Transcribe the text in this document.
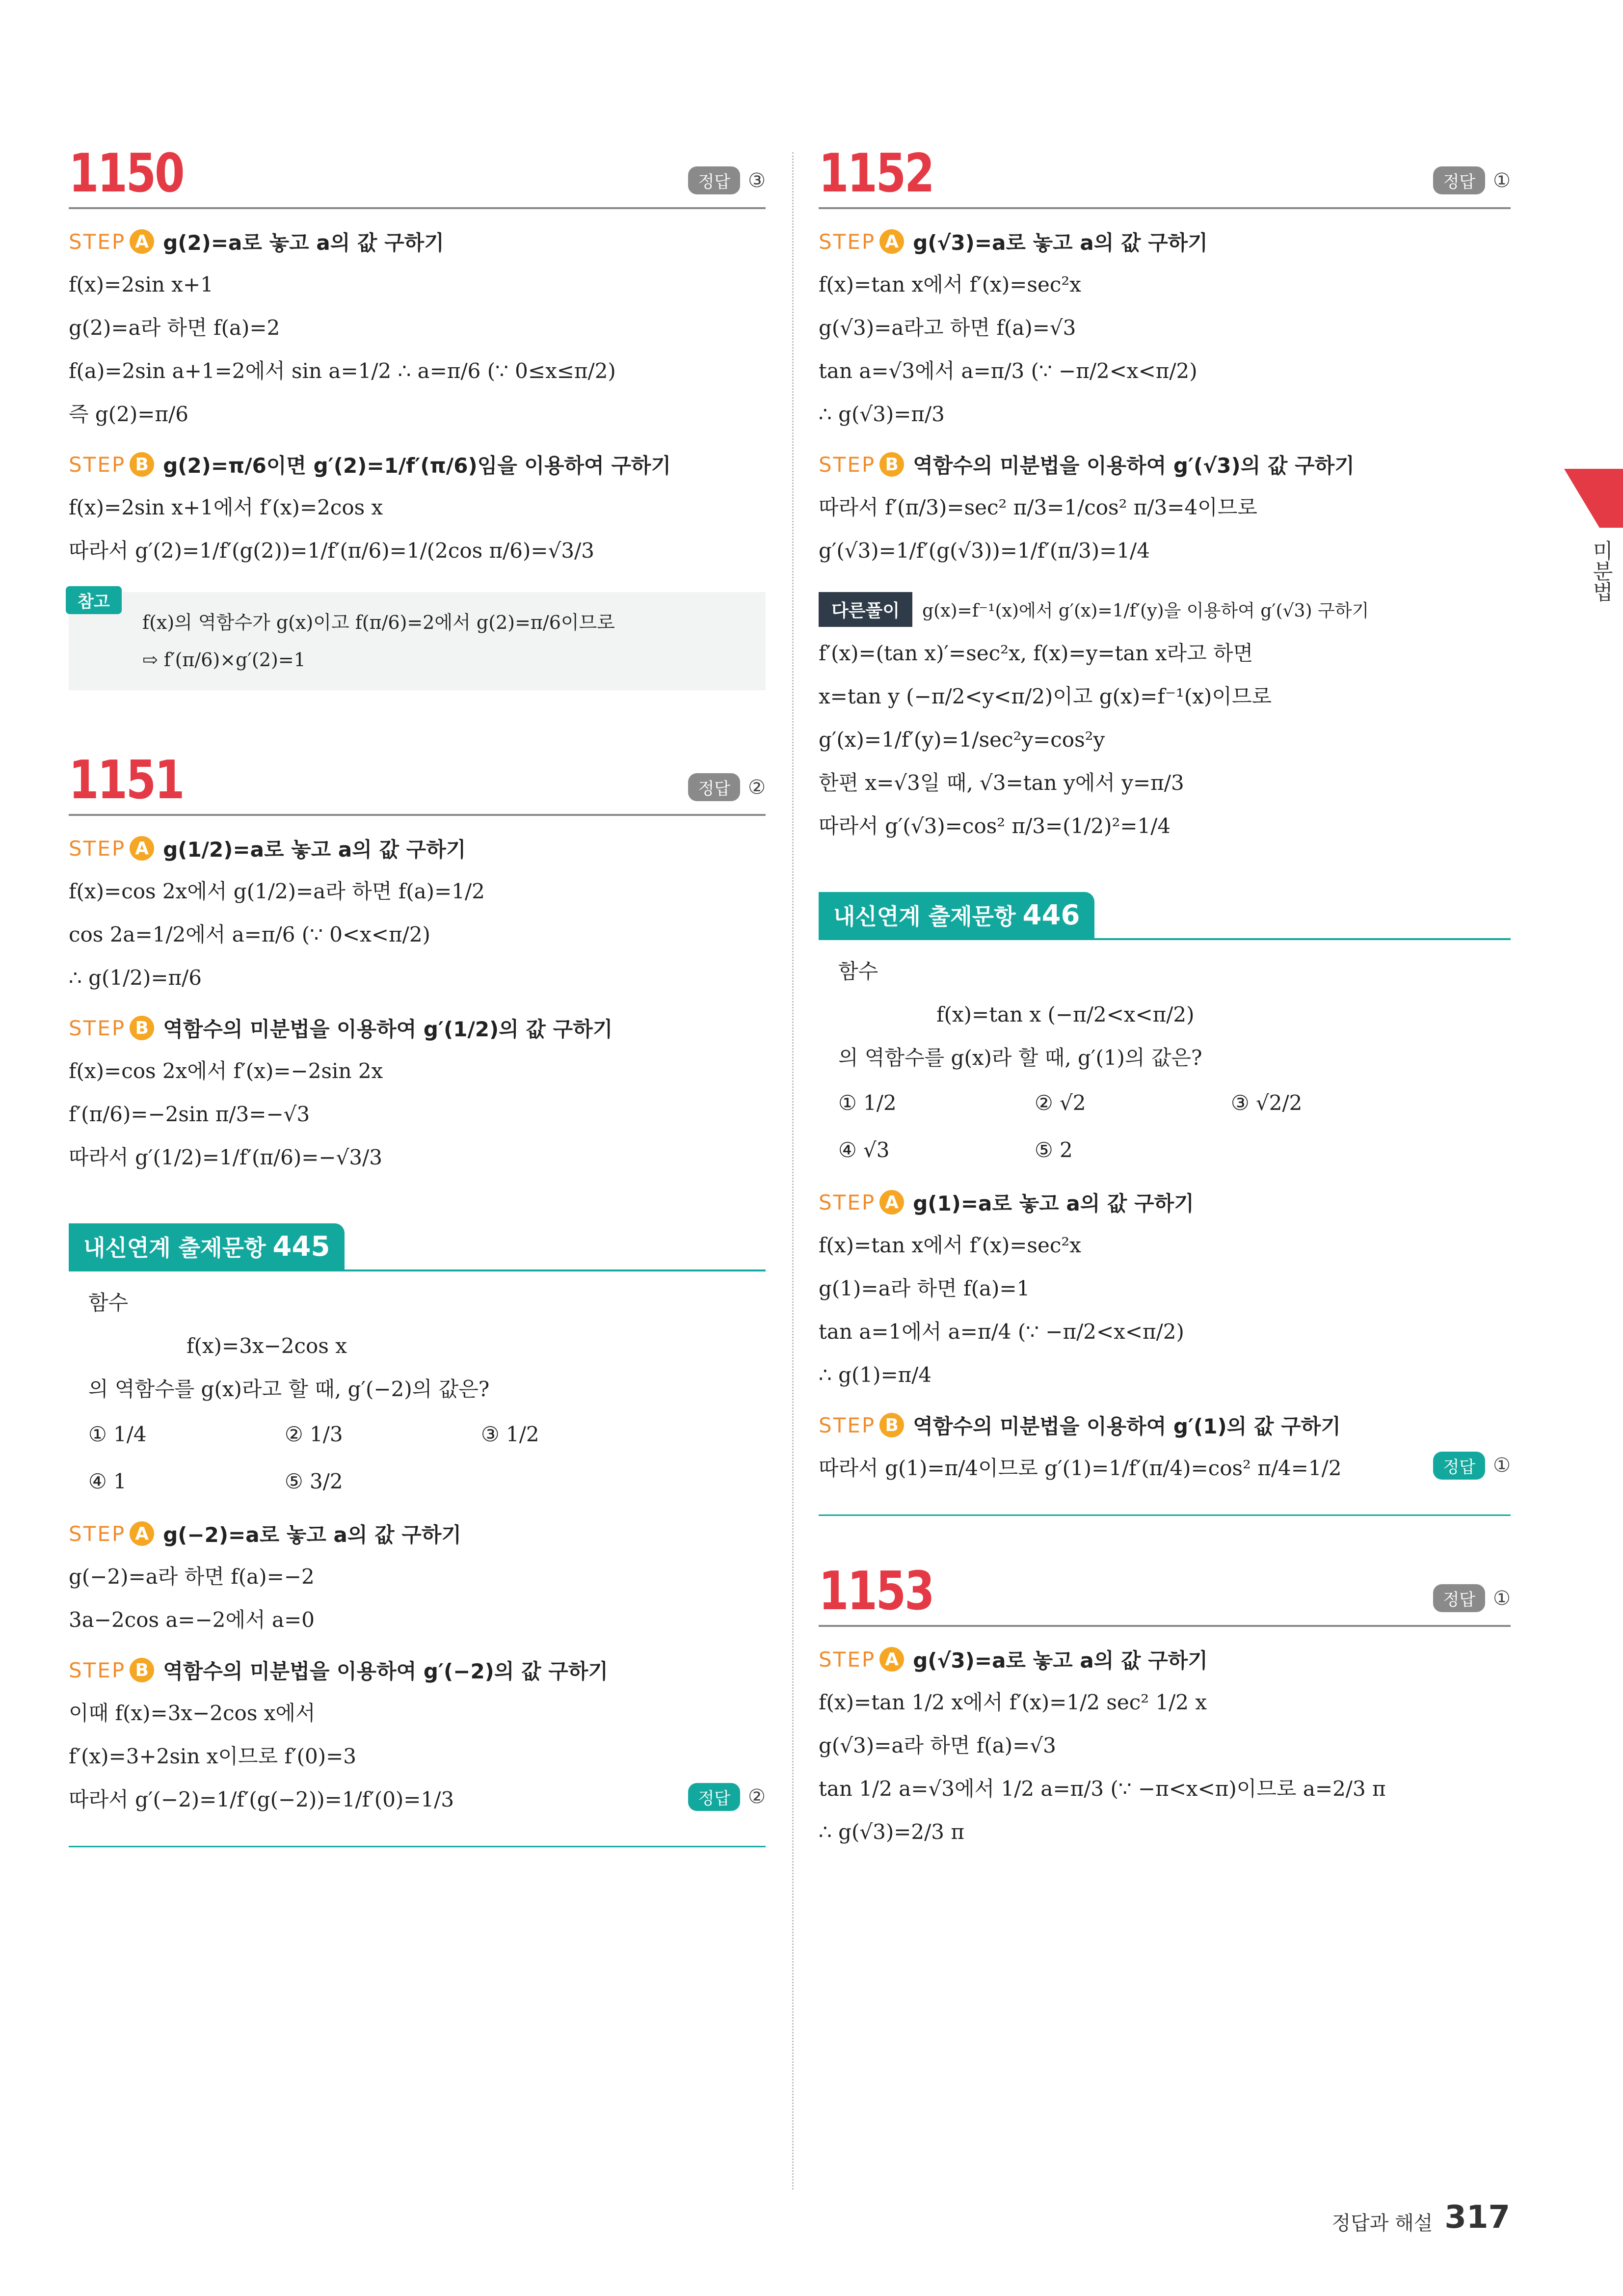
1150	정답 ③
STEP A g(2)=a로 놓고 a의 값 구하기
f(x)=2sin x+1
g(2)=a라 하면 f(a)=2
f(a)=2sin a+1=2에서 sin a=1/2 ∴ a=π/6 (∵ 0≤x≤π/2)
즉 g(2)=π/6
STEP B g(2)=π/6이면 g′(2)=1/f′(π/6)임을 이용하여 구하기
f(x)=2sin x+1에서 f′(x)=2cos x
따라서 g′(2)=1/f′(g(2))=1/f′(π/6)=1/(2cos π/6)=√3/3
참고
f(x)의 역함수가 g(x)이고 f(π/6)=2에서 g(2)=π/6이므로
⇨ f′(π/6)×g′(2)=1
1151	정답 ②
STEP A g(1/2)=a로 놓고 a의 값 구하기
f(x)=cos 2x에서 g(1/2)=a라 하면 f(a)=1/2
cos 2a=1/2에서 a=π/6 (∵ 0<x<π/2)
∴ g(1/2)=π/6
STEP B 역함수의 미분법을 이용하여 g′(1/2)의 값 구하기
f(x)=cos 2x에서 f′(x)=−2sin 2x
f′(π/6)=−2sin π/3=−√3
따라서 g′(1/2)=1/f′(π/6)=−√3/3
내신연계 출제문항 445
함수
f(x)=3x−2cos x
의 역함수를 g(x)라고 할 때, g′(−2)의 값은?
① 1/4	② 1/3	③ 1/2
④ 1	⑤ 3/2
STEP A g(−2)=a로 놓고 a의 값 구하기
g(−2)=a라 하면 f(a)=−2
3a−2cos a=−2에서 a=0
STEP B 역함수의 미분법을 이용하여 g′(−2)의 값 구하기
이때 f(x)=3x−2cos x에서
f′(x)=3+2sin x이므로 f′(0)=3
따라서 g′(−2)=1/f′(g(−2))=1/f′(0)=1/3	정답 ②
1152	정답 ①
STEP A g(√3)=a로 놓고 a의 값 구하기
f(x)=tan x에서 f′(x)=sec²x
g(√3)=a라고 하면 f(a)=√3
tan a=√3에서 a=π/3 (∵ −π/2<x<π/2)
∴ g(√3)=π/3
STEP B 역함수의 미분법을 이용하여 g′(√3)의 값 구하기
따라서 f′(π/3)=sec² π/3=1/cos² π/3=4이므로
g′(√3)=1/f′(g(√3))=1/f′(π/3)=1/4
다른풀이	g(x)=f⁻¹(x)에서 g′(x)=1/f′(y)을 이용하여 g′(√3) 구하기
f′(x)=(tan x)′=sec²x, f(x)=y=tan x라고 하면
x=tan y (−π/2<y<π/2)이고 g(x)=f⁻¹(x)이므로
g′(x)=1/f′(y)=1/sec²y=cos²y
한편 x=√3일 때, √3=tan y에서 y=π/3
따라서 g′(√3)=cos² π/3=(1/2)²=1/4
내신연계 출제문항 446
함수
f(x)=tan x (−π/2<x<π/2)
의 역함수를 g(x)라 할 때, g′(1)의 값은?
① 1/2	② √2	③ √2/2
④ √3	⑤ 2
STEP A g(1)=a로 놓고 a의 값 구하기
f(x)=tan x에서 f′(x)=sec²x
g(1)=a라 하면 f(a)=1
tan a=1에서 a=π/4 (∵ −π/2<x<π/2)
∴ g(1)=π/4
STEP B 역함수의 미분법을 이용하여 g′(1)의 값 구하기
따라서 g(1)=π/4이므로 g′(1)=1/f′(π/4)=cos² π/4=1/2	정답 ①
1153	정답 ①
STEP A g(√3)=a로 놓고 a의 값 구하기
f(x)=tan 1/2 x에서 f′(x)=1/2 sec² 1/2 x
g(√3)=a라 하면 f(a)=√3
tan 1/2 a=√3에서 1/2 a=π/3 (∵ −π<x<π)이므로 a=2/3 π
∴ g(√3)=2/3 π
미분법
정답과 해설 317
